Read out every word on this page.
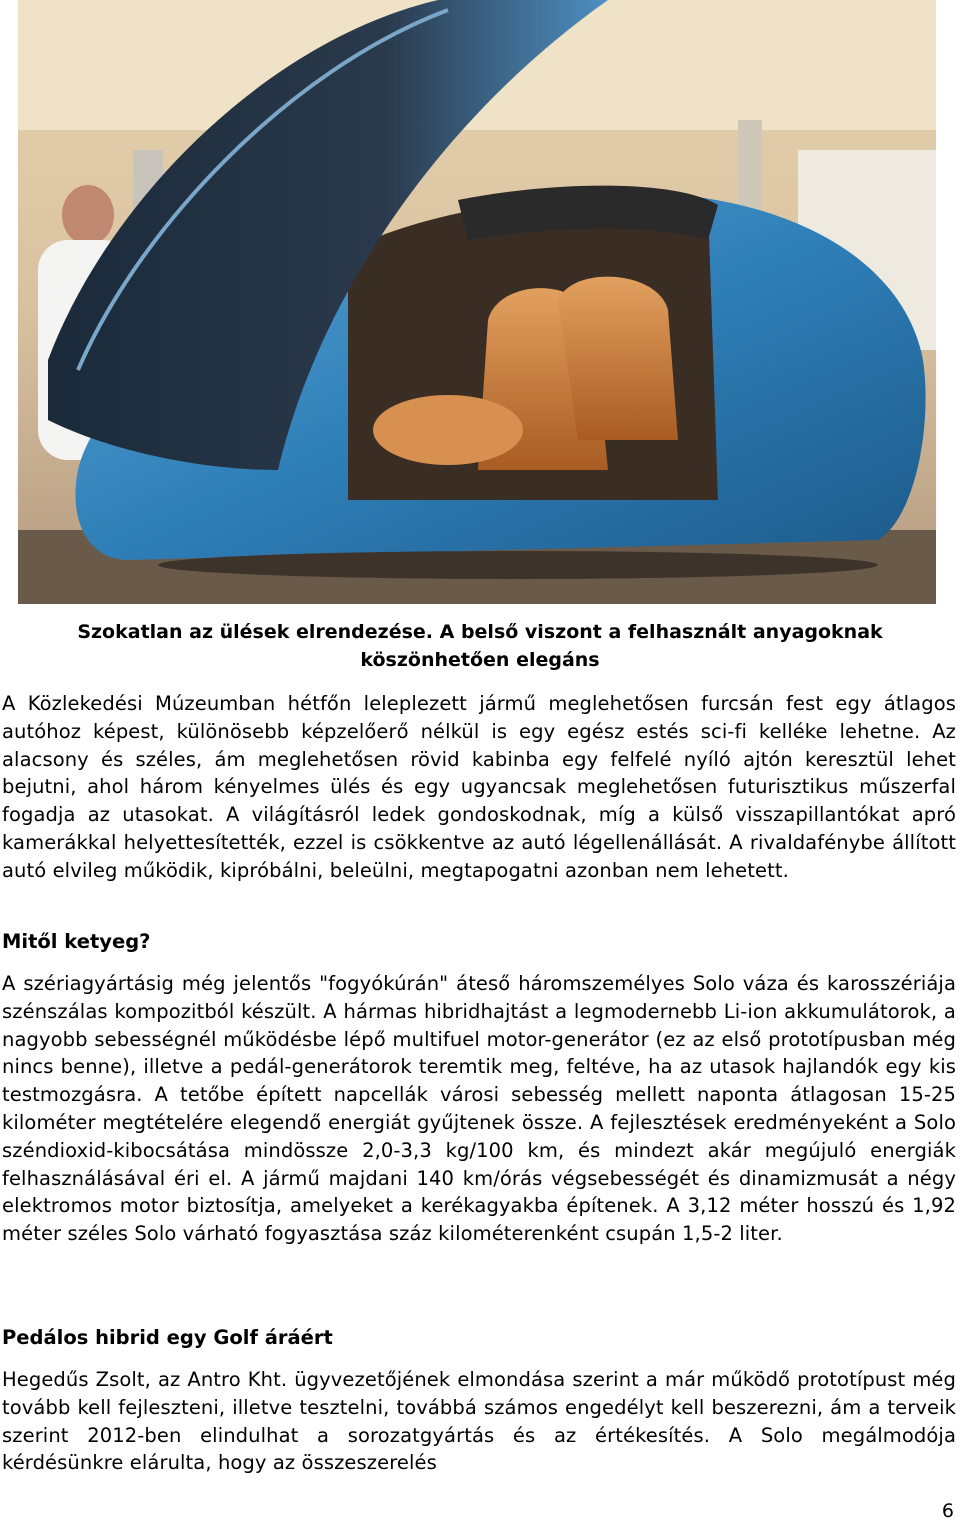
Szokatlan az ülések elrendezése. A belső viszont a felhasznált anyagoknak
köszönhetően elegáns
A Közlekedési Múzeumban hétfőn leleplezett jármű meglehetősen furcsán fest egy átlagos autóhoz képest, különösebb képzelőerő nélkül is egy egész estés sci-fi kelléke lehetne. Az alacsony és széles, ám meglehetősen rövid kabinba egy felfelé nyíló ajtón keresztül lehet bejutni, ahol három kényelmes ülés és egy ugyancsak meglehetősen futurisztikus műszerfal fogadja az utasokat. A világításról ledek gondoskodnak, míg a külső visszapillantókat apró kamerákkal helyettesítették, ezzel is csökkentve az autó légellenállását. A rivaldafénybe állított autó elvileg működik, kipróbálni, beleülni, megtapogatni azonban nem lehetett.
Mitől ketyeg?
A szériagyártásig még jelentős "fogyókúrán" áteső háromszemélyes Solo váza és karosszériája szénszálas kompozitból készült. A hármas hibridhajtást a legmodernebb Li-ion akkumulátorok, a nagyobb sebességnél működésbe lépő multifuel motor-generátor (ez az első prototípusban még nincs benne), illetve a pedál-generátorok teremtik meg, feltéve, ha az utasok hajlandók egy kis testmozgásra. A tetőbe épített napcellák városi sebesség mellett naponta átlagosan 15-25 kilométer megtételére elegendő energiát gyűjtenek össze. A fejlesztések eredményeként a Solo széndioxid-kibocsátása mindössze 2,0-3,3 kg/100 km, és mindezt akár megújuló energiák felhasználásával éri el. A jármű majdani 140 km/órás végsebességét és dinamizmusát a négy elektromos motor biztosítja, amelyeket a kerékagyakba építenek. A 3,12 méter hosszú és 1,92 méter széles Solo várható fogyasztása száz kilométerenként csupán 1,5-2 liter.
Pedálos hibrid egy Golf áráért
Hegedűs Zsolt, az Antro Kht. ügyvezetőjének elmondása szerint a már működő prototípust még tovább kell fejleszteni, illetve tesztelni, továbbá számos engedélyt kell beszerezni, ám a terveik szerint 2012-ben elindulhat a sorozatgyártás és az értékesítés. A Solo megálmodója kérdésünkre elárulta, hogy az összeszerelés
6
